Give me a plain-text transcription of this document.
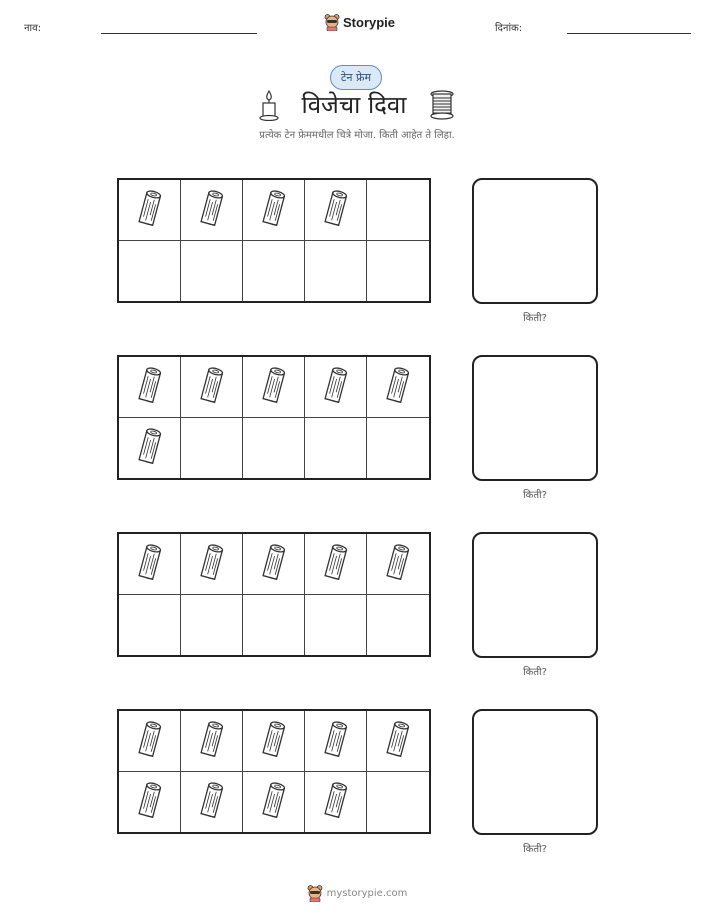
नाव:	Storypie	दिनांक:
टेन फ्रेम
विजेचा दिवा
प्रत्येक टेन फ्रेममधील चित्रे मोजा. किती आहेत ते लिहा.
किती?
किती?
किती?
किती?
mystorypie.com
